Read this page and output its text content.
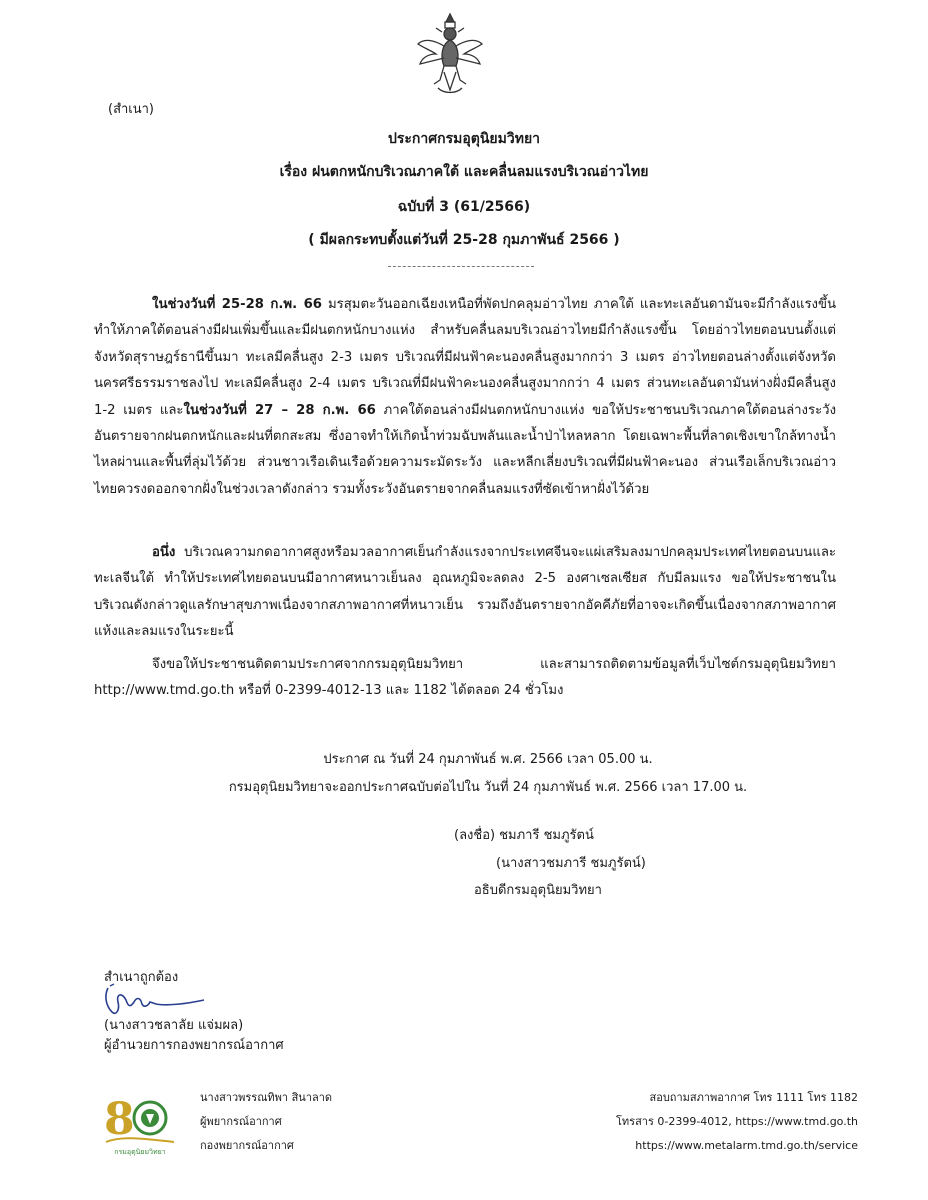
(สำเนา)
ประกาศกรมอุตุนิยมวิทยา
เรื่อง ฝนตกหนักบริเวณภาคใต้ และคลื่นลมแรงบริเวณอ่าวไทย
ฉบับที่ 3 (61/2566)
( มีผลกระทบตั้งแต่วันที่ 25-28 กุมภาพันธ์ 2566 )

ในช่วงวันที่ 25-28 ก.พ. 66 มรสุมตะวันออกเฉียงเหนือที่พัดปกคลุมอ่าวไทย ภาคใต้ และทะเลอันดามันจะมีกำลังแรงขึ้น ทำให้ภาคใต้ตอนล่างมีฝนเพิ่มขึ้นและมีฝนตกหนักบางแห่ง สำหรับคลื่นลมบริเวณอ่าวไทยมีกำลังแรงขึ้น โดยอ่าวไทยตอนบนตั้งแต่จังหวัดสุราษฎร์ธานีขึ้นมา ทะเลมีคลื่นสูง 2-3 เมตร บริเวณที่มีฝนฟ้าคะนองคลื่นสูงมากกว่า 3 เมตร อ่าวไทยตอนล่างตั้งแต่จังหวัดนครศรีธรรมราชลงไป ทะเลมีคลื่นสูง 2-4 เมตร บริเวณที่มีฝนฟ้าคะนองคลื่นสูงมากกว่า 4 เมตร ส่วนทะเลอันดามันห่างฝั่งมีคลื่นสูง 1-2 เมตร และในช่วงวันที่ 27 – 28 ก.พ. 66 ภาคใต้ตอนล่างมีฝนตกหนักบางแห่ง ขอให้ประชาชนบริเวณภาคใต้ตอนล่างระวังอันตรายจากฝนตกหนักและฝนที่ตกสะสม ซึ่งอาจทำให้เกิดน้ำท่วมฉับพลันและน้ำป่าไหลหลาก โดยเฉพาะพื้นที่ลาดเชิงเขาใกล้ทางน้ำไหลผ่านและพื้นที่ลุ่มไว้ด้วย ส่วนชาวเรือเดินเรือด้วยความระมัดระวัง และหลีกเลี่ยงบริเวณที่มีฝนฟ้าคะนอง ส่วนเรือเล็กบริเวณอ่าวไทยควรงดออกจากฝั่งในช่วงเวลาดังกล่าว รวมทั้งระวังอันตรายจากคลื่นลมแรงที่ซัดเข้าหาฝั่งไว้ด้วย

อนึ่ง บริเวณความกดอากาศสูงหรือมวลอากาศเย็นกำลังแรงจากประเทศจีนจะแผ่เสริมลงมาปกคลุมประเทศไทยตอนบนและทะเลจีนใต้ ทำให้ประเทศไทยตอนบนมีอากาศหนาวเย็นลง อุณหภูมิจะลดลง 2-5 องศาเซลเซียส กับมีลมแรง ขอให้ประชาชนในบริเวณดังกล่าวดูแลรักษาสุขภาพเนื่องจากสภาพอากาศที่หนาวเย็น รวมถึงอันตรายจากอัคคีภัยที่อาจจะเกิดขึ้นเนื่องจากสภาพอากาศแห้งและลมแรงในระยะนี้

จึงขอให้ประชาชนติดตามประกาศจากกรมอุตุนิยมวิทยา และสามารถติดตามข้อมูลที่เว็บไซต์กรมอุตุนิยมวิทยา http://www.tmd.go.th หรือที่ 0-2399-4012-13 และ 1182 ได้ตลอด 24 ชั่วโมง

ประกาศ ณ วันที่ 24 กุมภาพันธ์ พ.ศ. 2566 เวลา 05.00 น.
กรมอุตุนิยมวิทยาจะออกประกาศฉบับต่อไปใน วันที่ 24 กุมภาพันธ์ พ.ศ. 2566 เวลา 17.00 น.
(ลงชื่อ) ชมภารี ชมภูรัตน์
(นางสาวชมภารี ชมภูรัตน์)
อธิบดีกรมอุตุนิยมวิทยา
สำเนาถูกต้อง
(นางสาวชลาลัย แจ่มผล)
ผู้อำนวยการกองพยากรณ์อากาศ
8
กรมอุตุนิยมวิทยา
นางสาวพรรณทิพา สินาลาด
ผู้พยากรณ์อากาศ
กองพยากรณ์อากาศ
สอบถามสภาพอากาศ โทร 1111 โทร 1182
โทรสาร 0-2399-4012, https://www.tmd.go.th
https://www.metalarm.tmd.go.th/service
